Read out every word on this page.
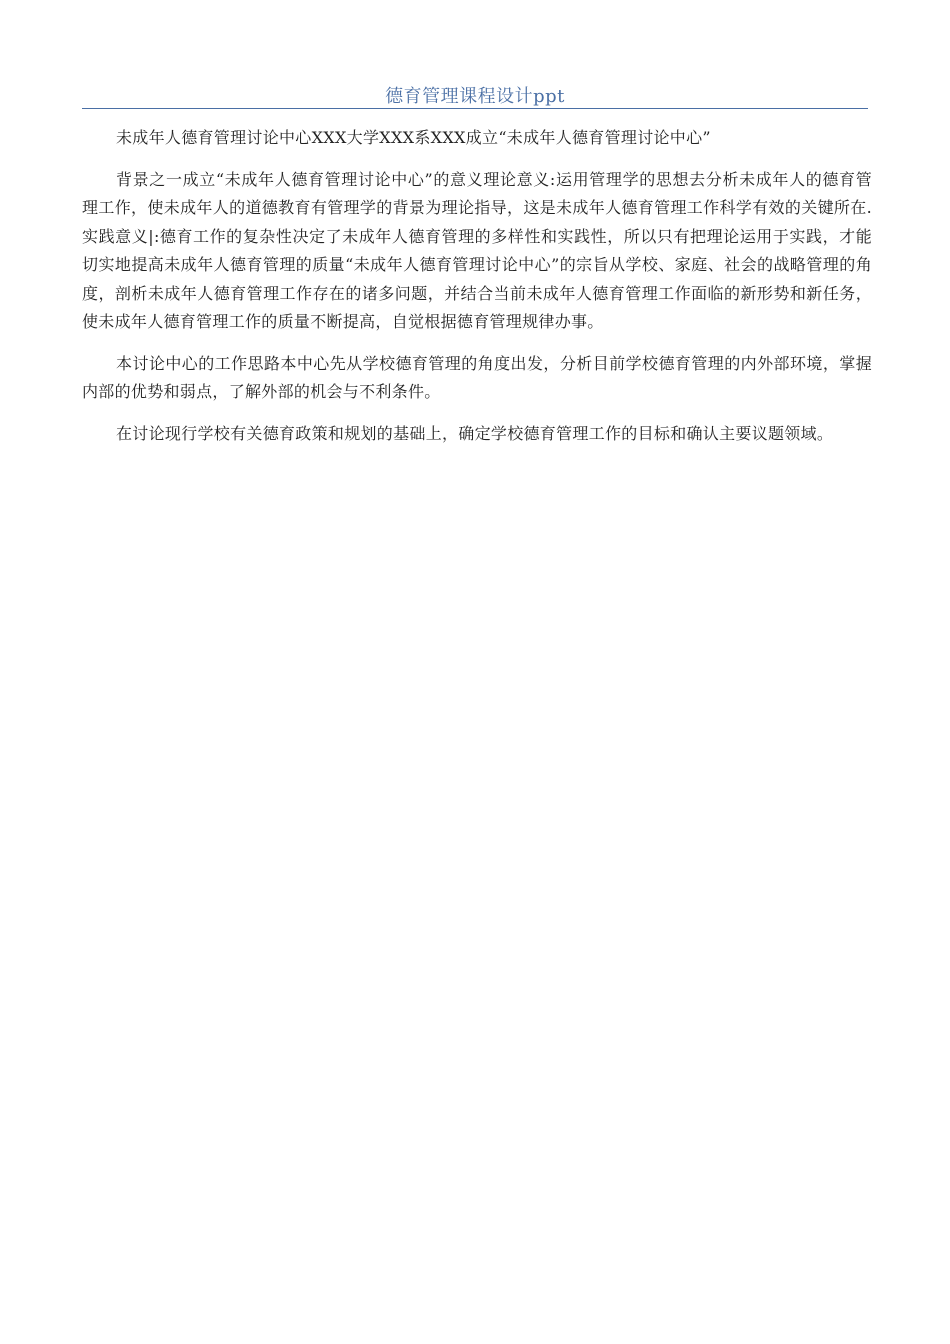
德育管理课程设计ppt

未成年人德育管理讨论中心XXX大学XXX系XXX成立“未成年人德育管理讨论中心”

背景之一成立“未成年人德育管理讨论中心”的意义理论意义:运用管理学的思想去分析未成年人的德育管理工作，使未成年人的道德教育有管理学的背景为理论指导，这是未成年人德育管理工作科学有效的关键所在.实践意义|:德育工作的复杂性决定了未成年人德育管理的多样性和实践性，所以只有把理论运用于实践，才能切实地提高未成年人德育管理的质量“未成年人德育管理讨论中心”的宗旨从学校、家庭、社会的战略管理的角度，剖析未成年人德育管理工作存在的诸多问题，并结合当前未成年人德育管理工作面临的新形势和新任务，使未成年人德育管理工作的质量不断提高，自觉根据德育管理规律办事。

本讨论中心的工作思路本中心先从学校德育管理的角度出发，分析目前学校德育管理的内外部环境，掌握内部的优势和弱点，了解外部的机会与不利条件。

在讨论现行学校有关德育政策和规划的基础上，确定学校德育管理工作的目标和确认主要议题领域。
